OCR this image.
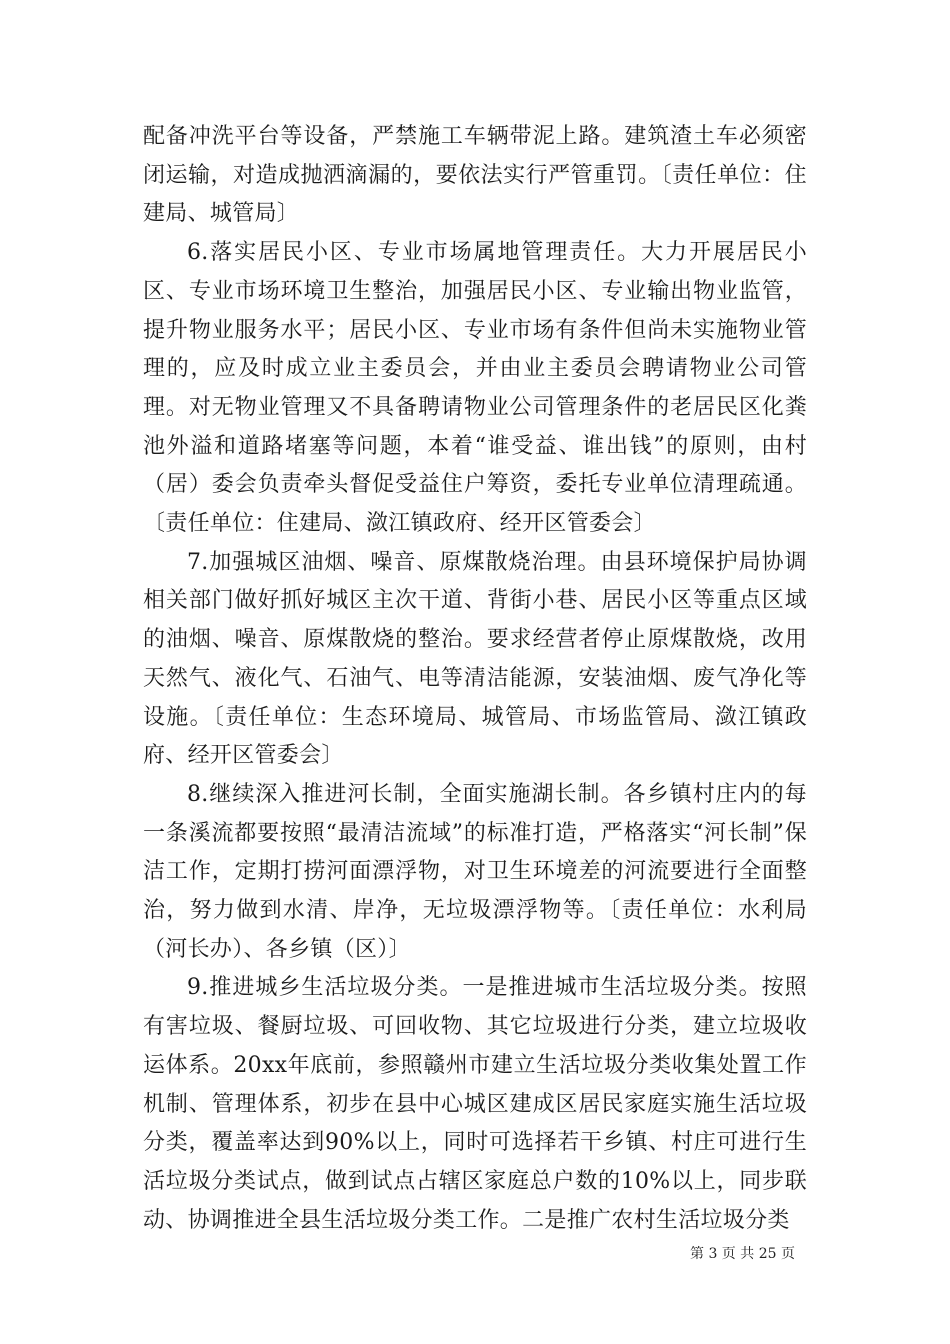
配备冲洗平台等设备，严禁施工车辆带泥上路。建筑渣土车必须密闭运输，对造成抛洒滴漏的，要依法实行严管重罚。〔责任单位：住建局、城管局〕

6.落实居民小区、专业市场属地管理责任。大力开展居民小区、专业市场环境卫生整治，加强居民小区、专业输出物业监管，提升物业服务水平；居民小区、专业市场有条件但尚未实施物业管理的，应及时成立业主委员会，并由业主委员会聘请物业公司管理。对无物业管理又不具备聘请物业公司管理条件的老居民区化粪池外溢和道路堵塞等问题，本着“谁受益、谁出钱”的原则，由村（居）委会负责牵头督促受益住户筹资，委托专业单位清理疏通。〔责任单位：住建局、潋江镇政府、经开区管委会〕

7.加强城区油烟、噪音、原煤散烧治理。由县环境保护局协调相关部门做好抓好城区主次干道、背街小巷、居民小区等重点区域的油烟、噪音、原煤散烧的整治。要求经营者停止原煤散烧，改用天然气、液化气、石油气、电等清洁能源，安装油烟、废气净化等设施。〔责任单位：生态环境局、城管局、市场监管局、潋江镇政府、经开区管委会〕

8.继续深入推进河长制，全面实施湖长制。各乡镇村庄内的每一条溪流都要按照“最清洁流域”的标准打造，严格落实“河长制”保洁工作，定期打捞河面漂浮物，对卫生环境差的河流要进行全面整治，努力做到水清、岸净，无垃圾漂浮物等。〔责任单位：水利局（河长办）、各乡镇（区）〕

9.推进城乡生活垃圾分类。一是推进城市生活垃圾分类。按照有害垃圾、餐厨垃圾、可回收物、其它垃圾进行分类，建立垃圾收运体系。20xx年底前，参照赣州市建立生活垃圾分类收集处置工作机制、管理体系，初步在县中心城区建成区居民家庭实施生活垃圾分类，覆盖率达到90%以上，同时可选择若干乡镇、村庄可进行生活垃圾分类试点，做到试点占辖区家庭总户数的10%以上，同步联动、协调推进全县生活垃圾分类工作。二是推广农村生活垃圾分类

第 3 页 共 25 页
